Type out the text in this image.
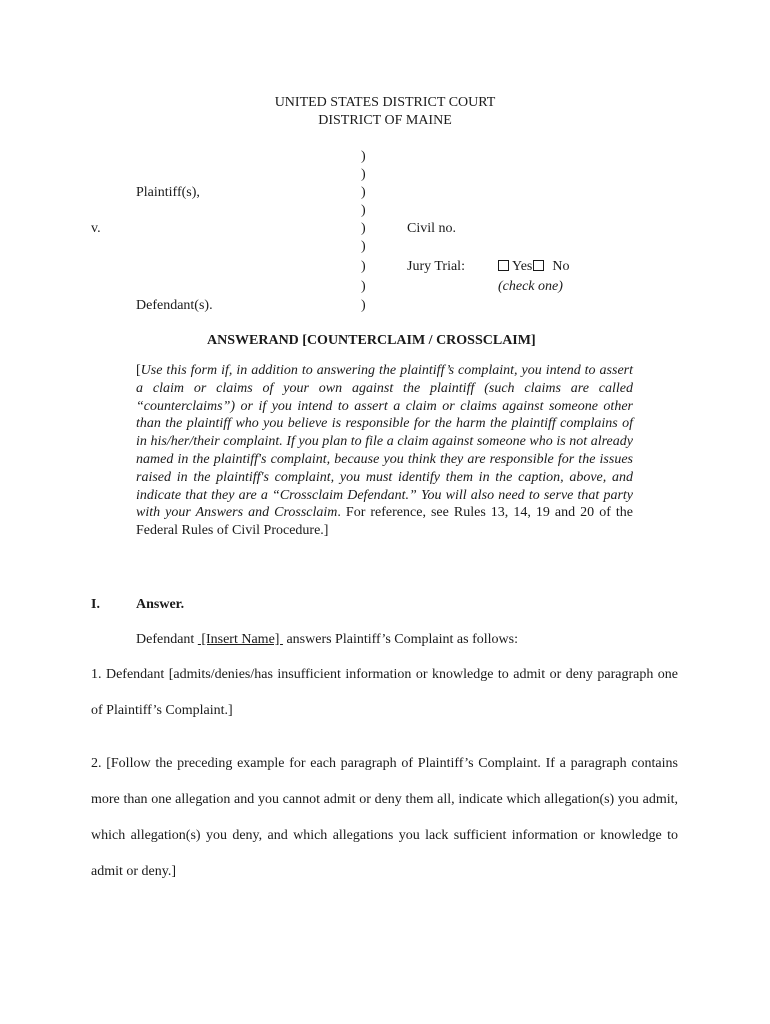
UNITED STATES DISTRICT COURT
DISTRICT OF MAINE
)
)
)
)
)
)
)
)
)
Plaintiff(s),
v.
Defendant(s).
Civil no.
Jury Trial:	Yes No
(check one)
ANSWERAND [COUNTERCLAIM / CROSSCLAIM]
[Use this form if, in addition to answering the plaintiff’s complaint, you intend to assert a claim or claims of your own against the plaintiff (such claims are called “counterclaims”) or if you intend to assert a claim or claims against someone other than the plaintiff who you believe is responsible for the harm the plaintiff complains of in his/her/their complaint. If you plan to file a claim against someone who is not already named in the plaintiff's complaint, because you think they are responsible for the issues raised in the plaintiff's complaint, you must identify them in the caption, above, and indicate that they are a “Crossclaim Defendant.” You will also need to serve that party with your Answers and Crossclaim. For reference, see Rules 13, 14, 19 and 20 of the Federal Rules of Civil Procedure.]
I.	Answer.
Defendant  [Insert Name]  answers Plaintiff’s Complaint as follows:
1. Defendant [admits/denies/has insufficient information or knowledge to admit or deny paragraph one of Plaintiff’s Complaint.]
2. [Follow the preceding example for each paragraph of Plaintiff’s Complaint. If a paragraph contains more than one allegation and you cannot admit or deny them all, indicate which allegation(s) you admit, which allegation(s) you deny, and which allegations you lack sufficient information or knowledge to admit or deny.]
